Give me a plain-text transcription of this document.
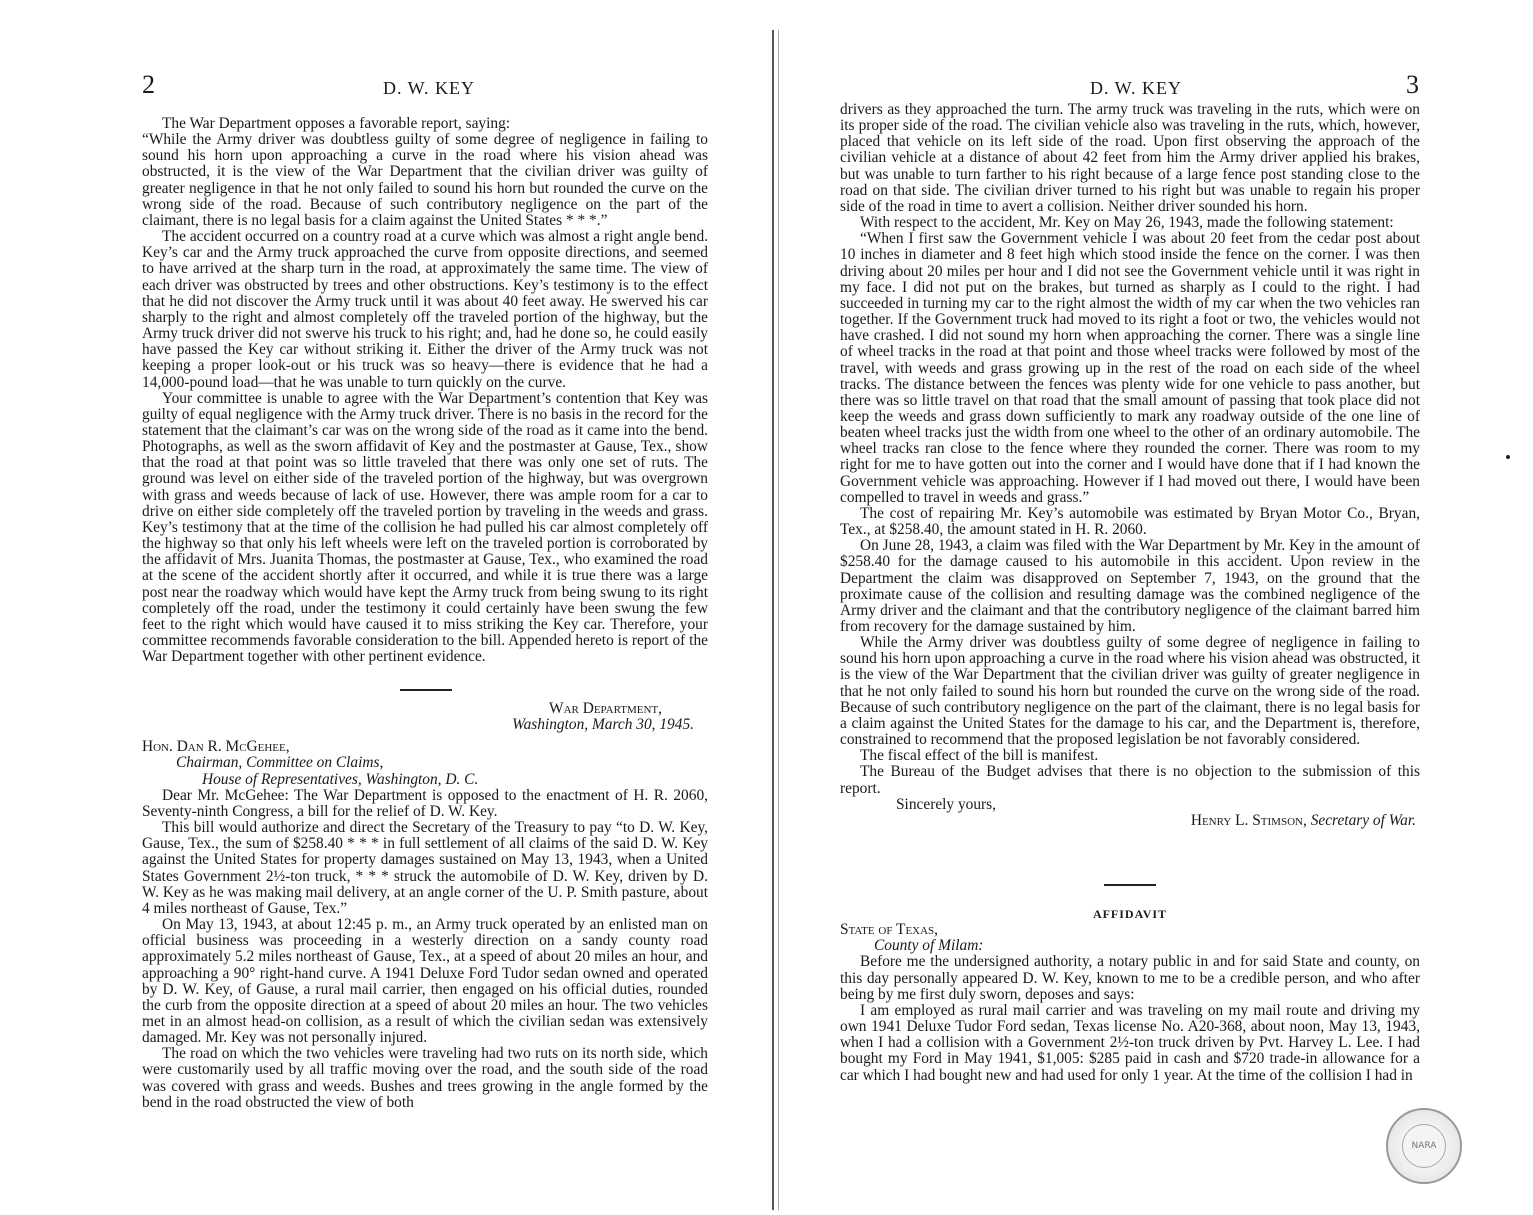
2	D. W. KEY

The War Department opposes a favorable report, saying:

“While the Army driver was doubtless guilty of some degree of negligence in failing to sound his horn upon approaching a curve in the road where his vision ahead was obstructed, it is the view of the War Department that the civilian driver was guilty of greater negligence in that he not only failed to sound his horn but rounded the curve on the wrong side of the road. Because of such contributory negligence on the part of the claimant, there is no legal basis for a claim against the United States * * *.”

The accident occurred on a country road at a curve which was almost a right angle bend. Key’s car and the Army truck approached the curve from opposite directions, and seemed to have arrived at the sharp turn in the road, at approximately the same time. The view of each driver was obstructed by trees and other obstructions. Key’s testimony is to the effect that he did not discover the Army truck until it was about 40 feet away. He swerved his car sharply to the right and almost completely off the traveled portion of the highway, but the Army truck driver did not swerve his truck to his right; and, had he done so, he could easily have passed the Key car without striking it. Either the driver of the Army truck was not keeping a proper look-out or his truck was so heavy—there is evidence that he had a 14,000-pound load—that he was unable to turn quickly on the curve.

Your committee is unable to agree with the War Department’s contention that Key was guilty of equal negligence with the Army truck driver. There is no basis in the record for the statement that the claimant’s car was on the wrong side of the road as it came into the bend. Photographs, as well as the sworn affidavit of Key and the postmaster at Gause, Tex., show that the road at that point was so little traveled that there was only one set of ruts. The ground was level on either side of the traveled portion of the highway, but was overgrown with grass and weeds because of lack of use. However, there was ample room for a car to drive on either side completely off the traveled portion by traveling in the weeds and grass. Key’s testimony that at the time of the collision he had pulled his car almost completely off the highway so that only his left wheels were left on the traveled portion is corroborated by the affidavit of Mrs. Juanita Thomas, the postmaster at Gause, Tex., who examined the road at the scene of the accident shortly after it occurred, and while it is true there was a large post near the roadway which would have kept the Army truck from being swung to its right completely off the road, under the testimony it could certainly have been swung the few feet to the right which would have caused it to miss striking the Key car. Therefore, your committee recommends favorable consideration to the bill. Appended hereto is report of the War Department together with other pertinent evidence.

War Department,
Washington, March 30, 1945.
Hon. Dan R. McGehee,
Chairman, Committee on Claims,
House of Representatives, Washington, D. C.

Dear Mr. McGehee: The War Department is opposed to the enactment of H. R. 2060, Seventy-ninth Congress, a bill for the relief of D. W. Key.

This bill would authorize and direct the Secretary of the Treasury to pay “to D. W. Key, Gause, Tex., the sum of $258.40 * * * in full settlement of all claims of the said D. W. Key against the United States for property damages sustained on May 13, 1943, when a United States Government 2½-ton truck, * * * struck the automobile of D. W. Key, driven by D. W. Key as he was making mail delivery, at an angle corner of the U. P. Smith pasture, about 4 miles northeast of Gause, Tex.”

On May 13, 1943, at about 12:45 p. m., an Army truck operated by an enlisted man on official business was proceeding in a westerly direction on a sandy county road approximately 5.2 miles northeast of Gause, Tex., at a speed of about 20 miles an hour, and approaching a 90° right-hand curve. A 1941 Deluxe Ford Tudor sedan owned and operated by D. W. Key, of Gause, a rural mail carrier, then engaged on his official duties, rounded the curb from the opposite direction at a speed of about 20 miles an hour. The two vehicles met in an almost head-on collision, as a result of which the civilian sedan was extensively damaged. Mr. Key was not personally injured.

The road on which the two vehicles were traveling had two ruts on its north side, which were customarily used by all traffic moving over the road, and the south side of the road was covered with grass and weeds. Bushes and trees growing in the angle formed by the bend in the road obstructed the view of both

D. W. KEY	3

drivers as they approached the turn. The army truck was traveling in the ruts, which were on its proper side of the road. The civilian vehicle also was traveling in the ruts, which, however, placed that vehicle on its left side of the road. Upon first observing the approach of the civilian vehicle at a distance of about 42 feet from him the Army driver applied his brakes, but was unable to turn farther to his right because of a large fence post standing close to the road on that side. The civilian driver turned to his right but was unable to regain his proper side of the road in time to avert a collision. Neither driver sounded his horn.

With respect to the accident, Mr. Key on May 26, 1943, made the following statement:

“When I first saw the Government vehicle I was about 20 feet from the cedar post about 10 inches in diameter and 8 feet high which stood inside the fence on the corner. I was then driving about 20 miles per hour and I did not see the Government vehicle until it was right in my face. I did not put on the brakes, but turned as sharply as I could to the right. I had succeeded in turning my car to the right almost the width of my car when the two vehicles ran together. If the Government truck had moved to its right a foot or two, the vehicles would not have crashed. I did not sound my horn when approaching the corner. There was a single line of wheel tracks in the road at that point and those wheel tracks were followed by most of the travel, with weeds and grass growing up in the rest of the road on each side of the wheel tracks. The distance between the fences was plenty wide for one vehicle to pass another, but there was so little travel on that road that the small amount of passing that took place did not keep the weeds and grass down sufficiently to mark any roadway outside of the one line of beaten wheel tracks just the width from one wheel to the other of an ordinary automobile. The wheel tracks ran close to the fence where they rounded the corner. There was room to my right for me to have gotten out into the corner and I would have done that if I had known the Government vehicle was approaching. However if I had moved out there, I would have been compelled to travel in weeds and grass.”

The cost of repairing Mr. Key’s automobile was estimated by Bryan Motor Co., Bryan, Tex., at $258.40, the amount stated in H. R. 2060.

On June 28, 1943, a claim was filed with the War Department by Mr. Key in the amount of $258.40 for the damage caused to his automobile in this accident. Upon review in the Department the claim was disapproved on September 7, 1943, on the ground that the proximate cause of the collision and resulting damage was the combined negligence of the Army driver and the claimant and that the contributory negligence of the claimant barred him from recovery for the damage sustained by him.

While the Army driver was doubtless guilty of some degree of negligence in failing to sound his horn upon approaching a curve in the road where his vision ahead was obstructed, it is the view of the War Department that the civilian driver was guilty of greater negligence in that he not only failed to sound his horn but rounded the curve on the wrong side of the road. Because of such contributory negligence on the part of the claimant, there is no legal basis for a claim against the United States for the damage to his car, and the Department is, therefore, constrained to recommend that the proposed legislation be not favorably considered.

The fiscal effect of the bill is manifest.

The Bureau of the Budget advises that there is no objection to the submission of this report.

Sincerely yours,
Henry L. Stimson, Secretary of War.
AFFIDAVIT
State of Texas,
County of Milam:

Before me the undersigned authority, a notary public in and for said State and county, on this day personally appeared D. W. Key, known to me to be a credible person, and who after being by me first duly sworn, deposes and says:

I am employed as rural mail carrier and was traveling on my mail route and driving my own 1941 Deluxe Tudor Ford sedan, Texas license No. A20-368, about noon, May 13, 1943, when I had a collision with a Government 2½-ton truck driven by Pvt. Harvey L. Lee. I had bought my Ford in May 1941, $1,005: $285 paid in cash and $720 trade-in allowance for a car which I had bought new and had used for only 1 year. At the time of the collision I had in

NARA
